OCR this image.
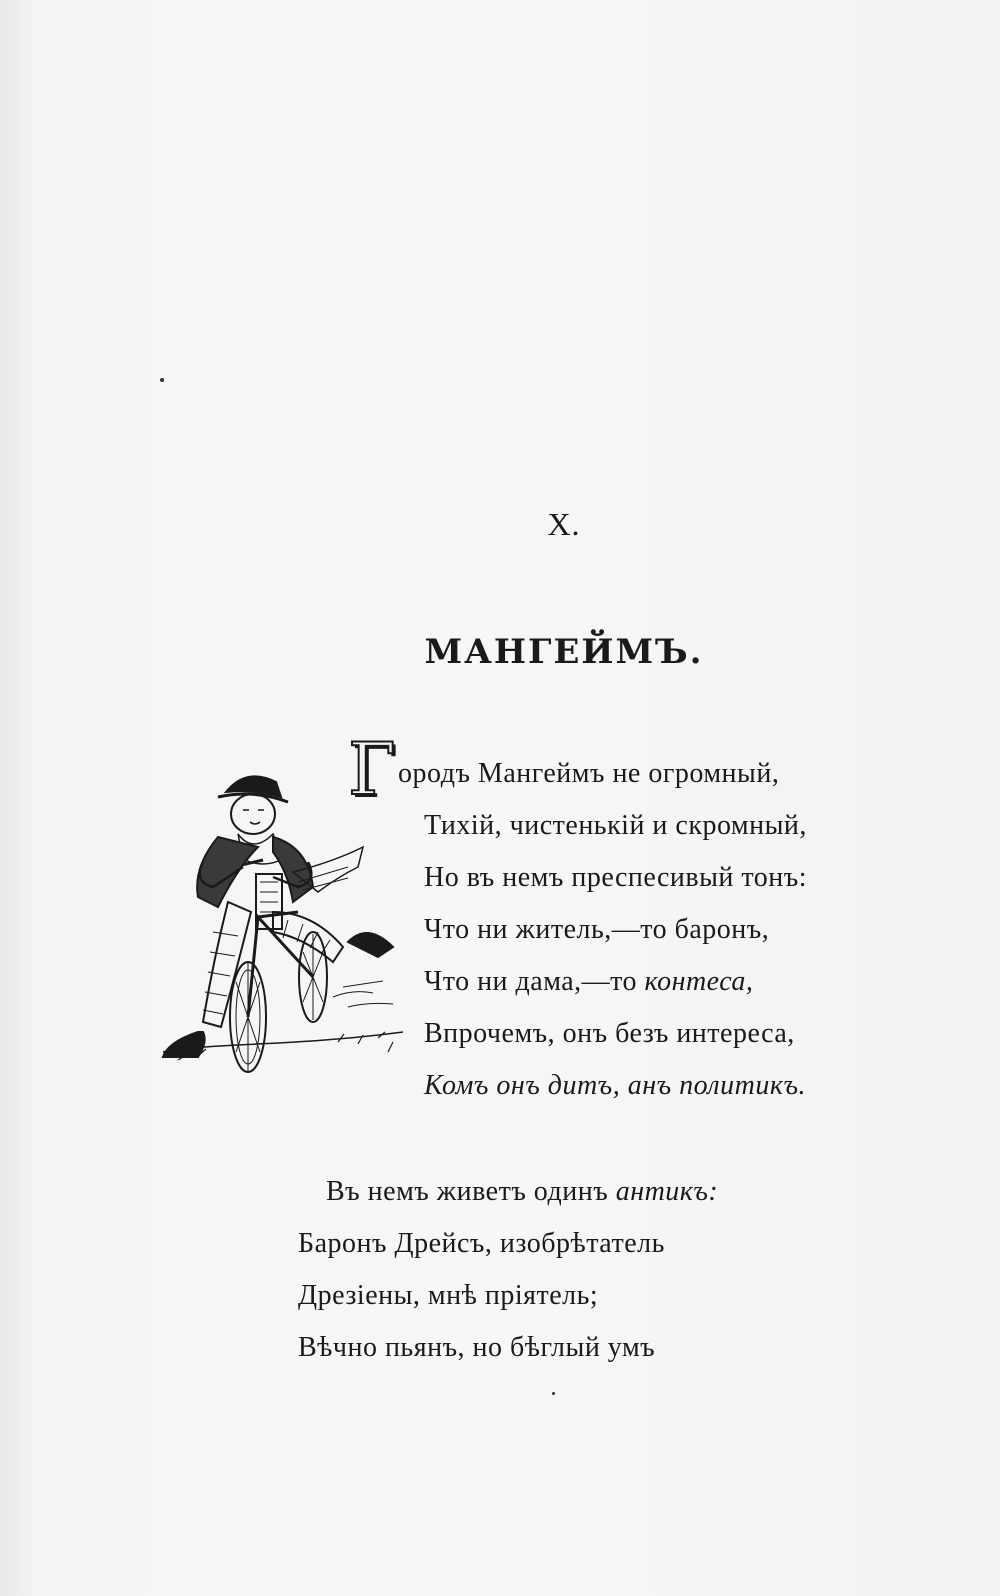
X.
МАНГЕЙМЪ.
Г ородъ Мангеймъ не огромный,
Тихій, чистенькій и скромный,
Но въ немъ преспесивый тонъ:
Что ни житель,—то баронъ,
Что ни дама,—то контеса,
Впрочемъ, онъ безъ интереса,
Комъ онъ дитъ, анъ политикъ.
Въ немъ живетъ одинъ антикъ:
Баронъ Дрейсъ, изобрѣтатель
Дрезіены, мнѣ пріятель;
Вѣчно пьянъ, но бѣглый умъ
